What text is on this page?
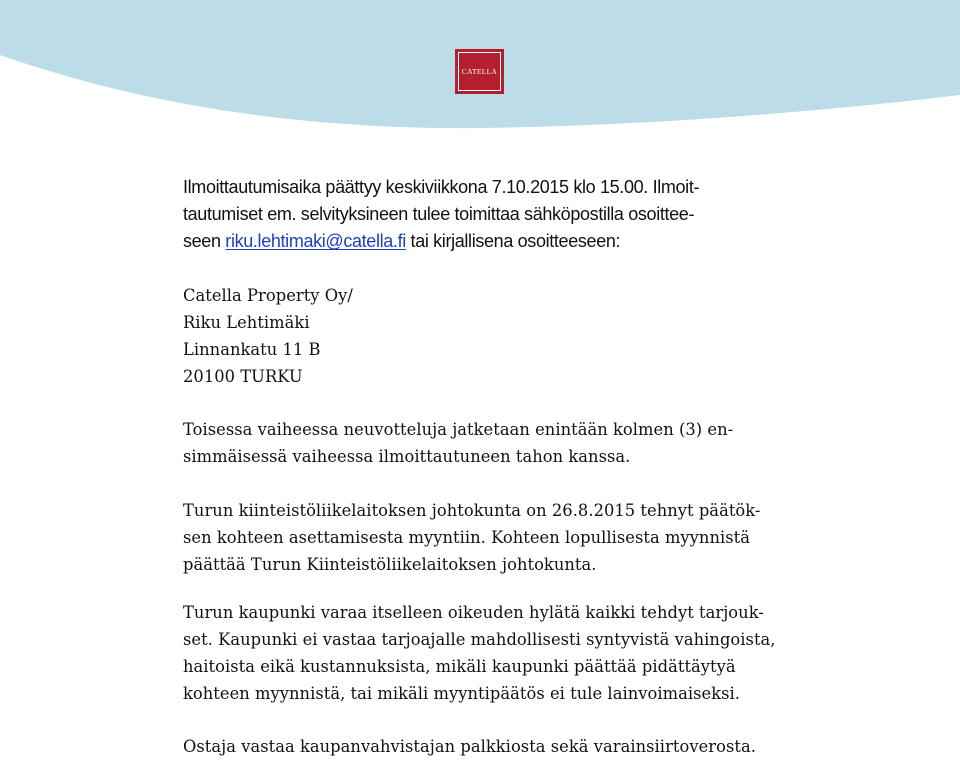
CATELLA
Ilmoittautumisaika päättyy keskiviikkona 7.10.2015 klo 15.00. Ilmoit-
tautumiset em. selvityksineen tulee toimittaa sähköpostilla osoittee-
seen riku.lehtimaki@catella.fi tai kirjallisena osoitteeseen:
Catella Property Oy/
Riku Lehtimäki
Linnankatu 11 B
20100 TURKU
Toisessa vaiheessa neuvotteluja jatketaan enintään kolmen (3) en-
simmäisessä vaiheessa ilmoittautuneen tahon kanssa.
Turun kiinteistöliikelaitoksen johtokunta on 26.8.2015 tehnyt päätök-
sen kohteen asettamisesta myyntiin. Kohteen lopullisesta myynnistä
päättää Turun Kiinteistöliikelaitoksen johtokunta.
Turun kaupunki varaa itselleen oikeuden hylätä kaikki tehdyt tarjouk-
set. Kaupunki ei vastaa tarjoajalle mahdollisesti syntyvistä vahingoista,
haitoista eikä kustannuksista, mikäli kaupunki päättää pidättäytyä
kohteen myynnistä, tai mikäli myyntipäätös ei tule lainvoimaiseksi.
Ostaja vastaa kaupanvahvistajan palkkiosta sekä varainsiirtoverosta.
